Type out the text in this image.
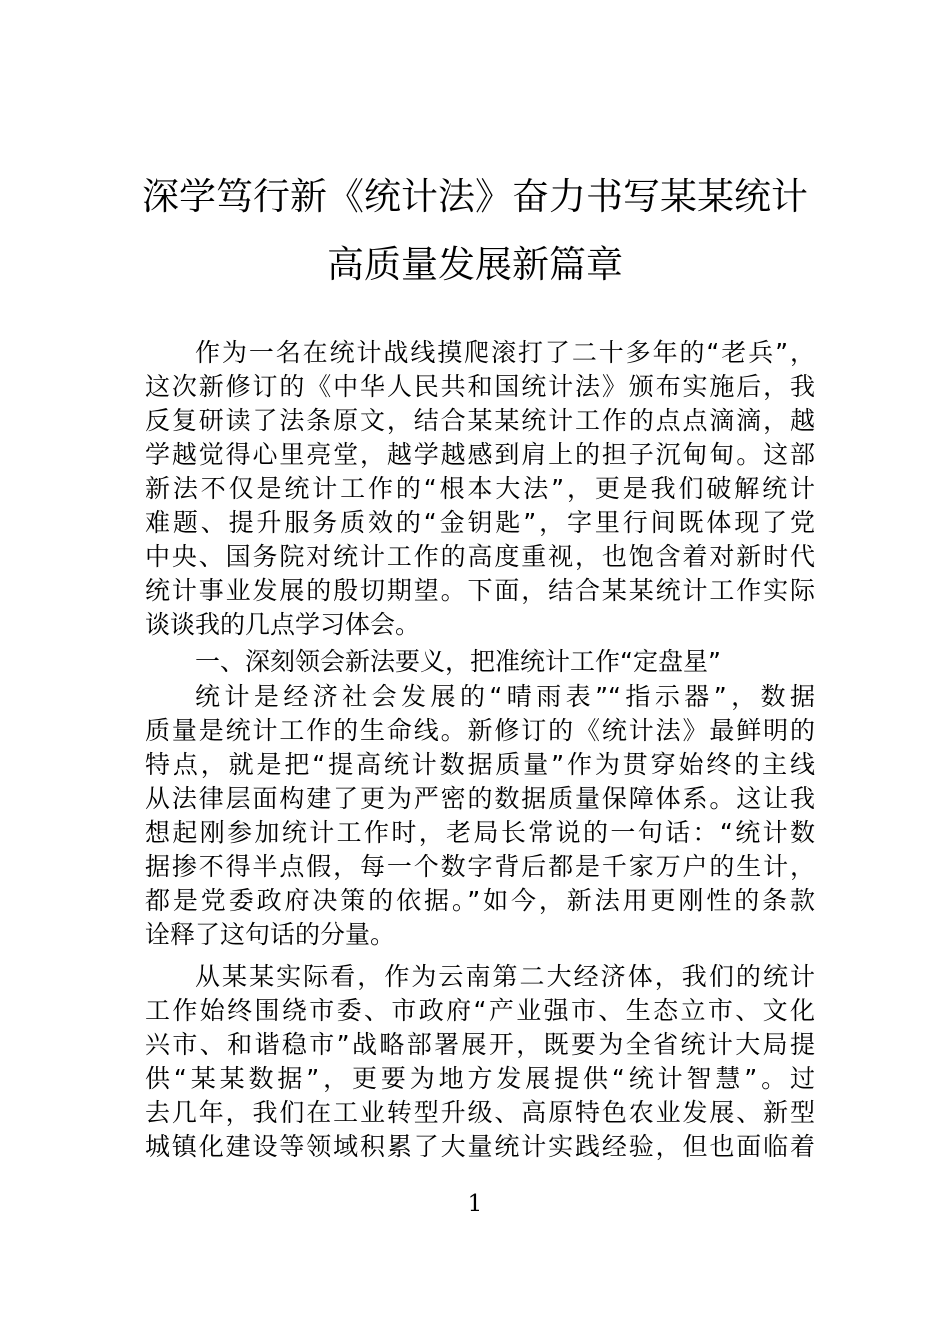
深学笃行新《统计法》奋力书写某某统计
高质量发展新篇章
作为一名在统计战线摸爬滚打了二十多年的“老兵”，
这次新修订的《中华人民共和国统计法》颁布实施后，我
反复研读了法条原文，结合某某统计工作的点点滴滴，越
学越觉得心里亮堂，越学越感到肩上的担子沉甸甸。这部
新法不仅是统计工作的“根本大法”，更是我们破解统计
难题、提升服务质效的“金钥匙”，字里行间既体现了党
中央、国务院对统计工作的高度重视，也饱含着对新时代
统计事业发展的殷切期望。下面，结合某某统计工作实际
谈谈我的几点学习体会。
一、深刻领会新法要义，把准统计工作“定盘星”
统计是经济社会发展的“晴雨表”“指示器”，数据
质量是统计工作的生命线。新修订的《统计法》最鲜明的
特点，就是把“提高统计数据质量”作为贯穿始终的主线
从法律层面构建了更为严密的数据质量保障体系。这让我
想起刚参加统计工作时，老局长常说的一句话：“统计数
据掺不得半点假，每一个数字背后都是千家万户的生计，
都是党委政府决策的依据。”如今，新法用更刚性的条款
诠释了这句话的分量。
从某某实际看，作为云南第二大经济体，我们的统计
工作始终围绕市委、市政府“产业强市、生态立市、文化
兴市、和谐稳市”战略部署展开，既要为全省统计大局提
供“某某数据”，更要为地方发展提供“统计智慧”。过
去几年，我们在工业转型升级、高原特色农业发展、新型
城镇化建设等领域积累了大量统计实践经验，但也面临着
1
